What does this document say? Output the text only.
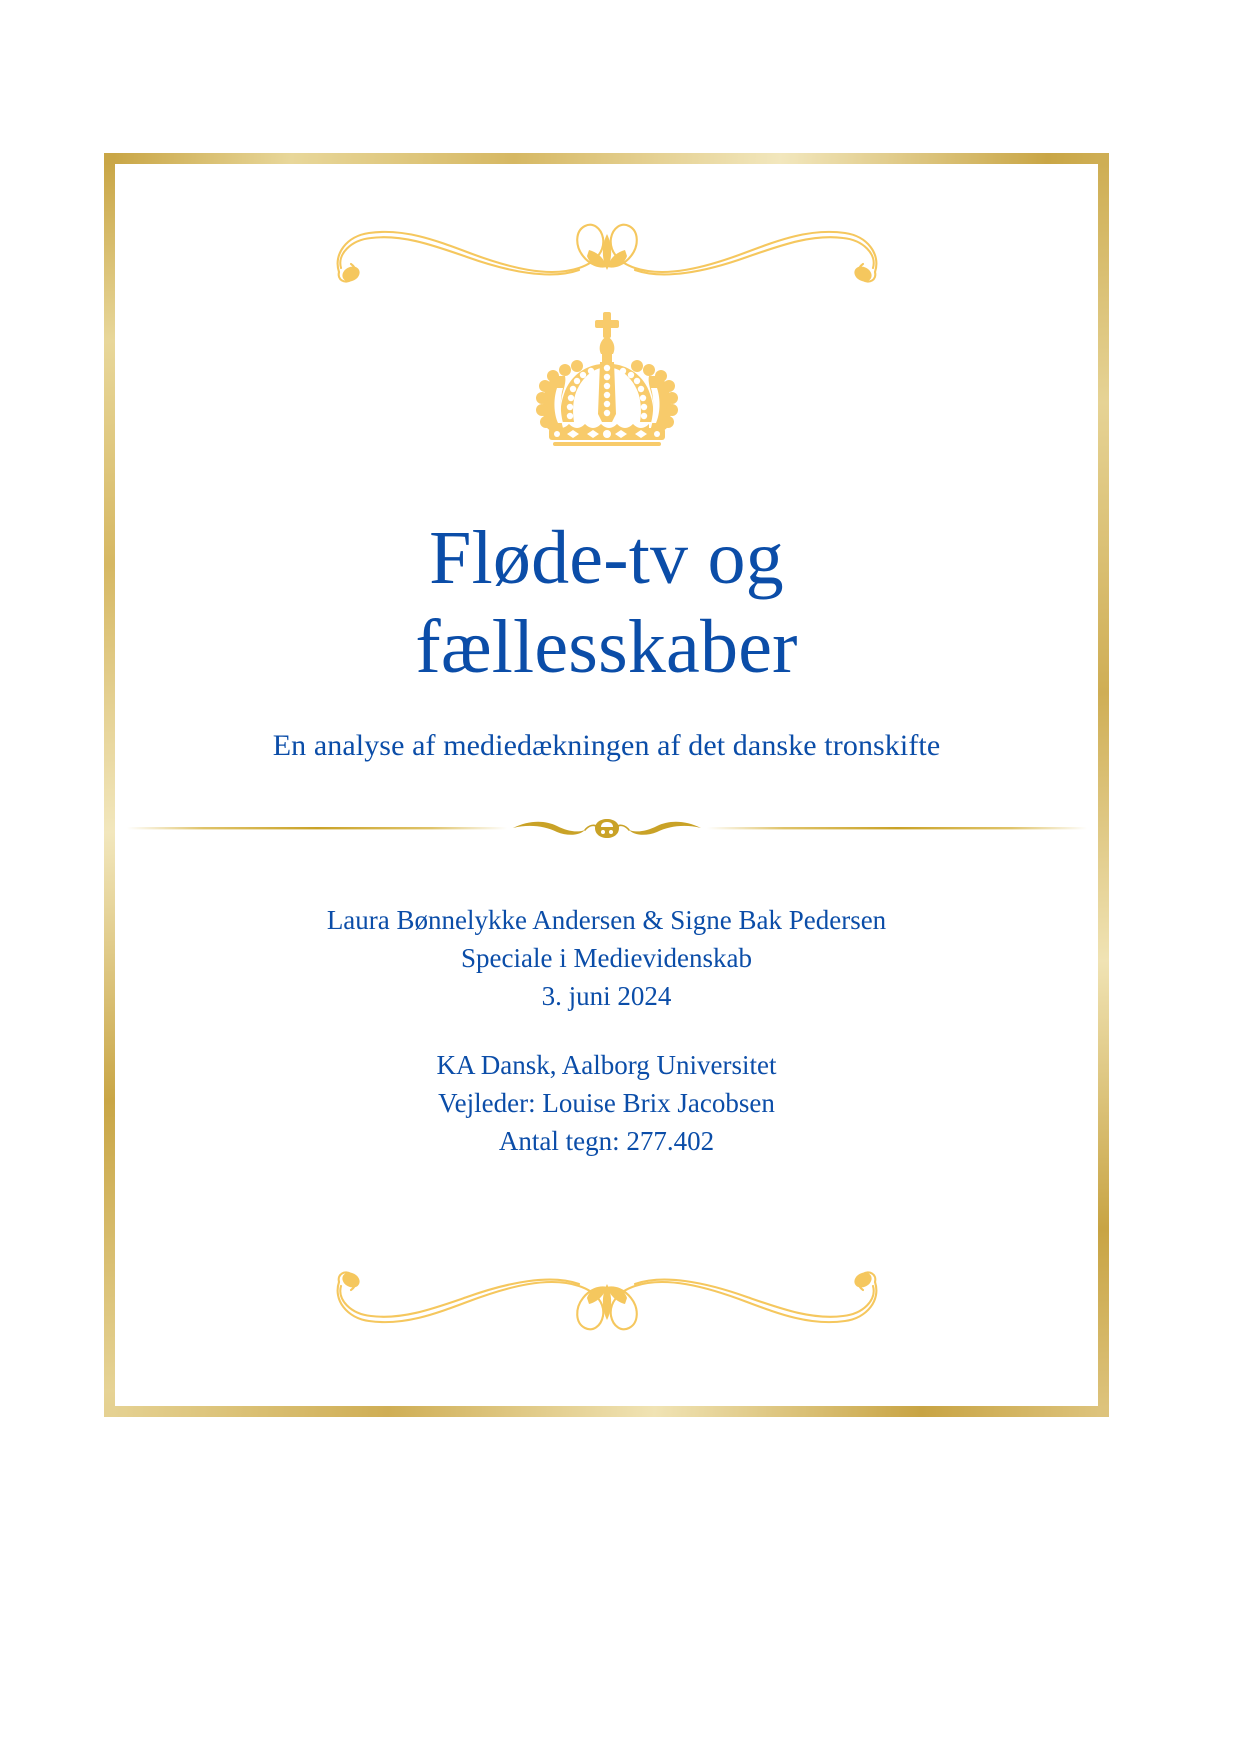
Fløde-tv og
fællesskaber

En analyse af mediedækningen af det danske tronskifte

Laura Bønnelykke Andersen & Signe Bak Pedersen
Speciale i Medievidenskab
3. juni 2024

KA Dansk, Aalborg Universitet
Vejleder: Louise Brix Jacobsen
Antal tegn: 277.402
